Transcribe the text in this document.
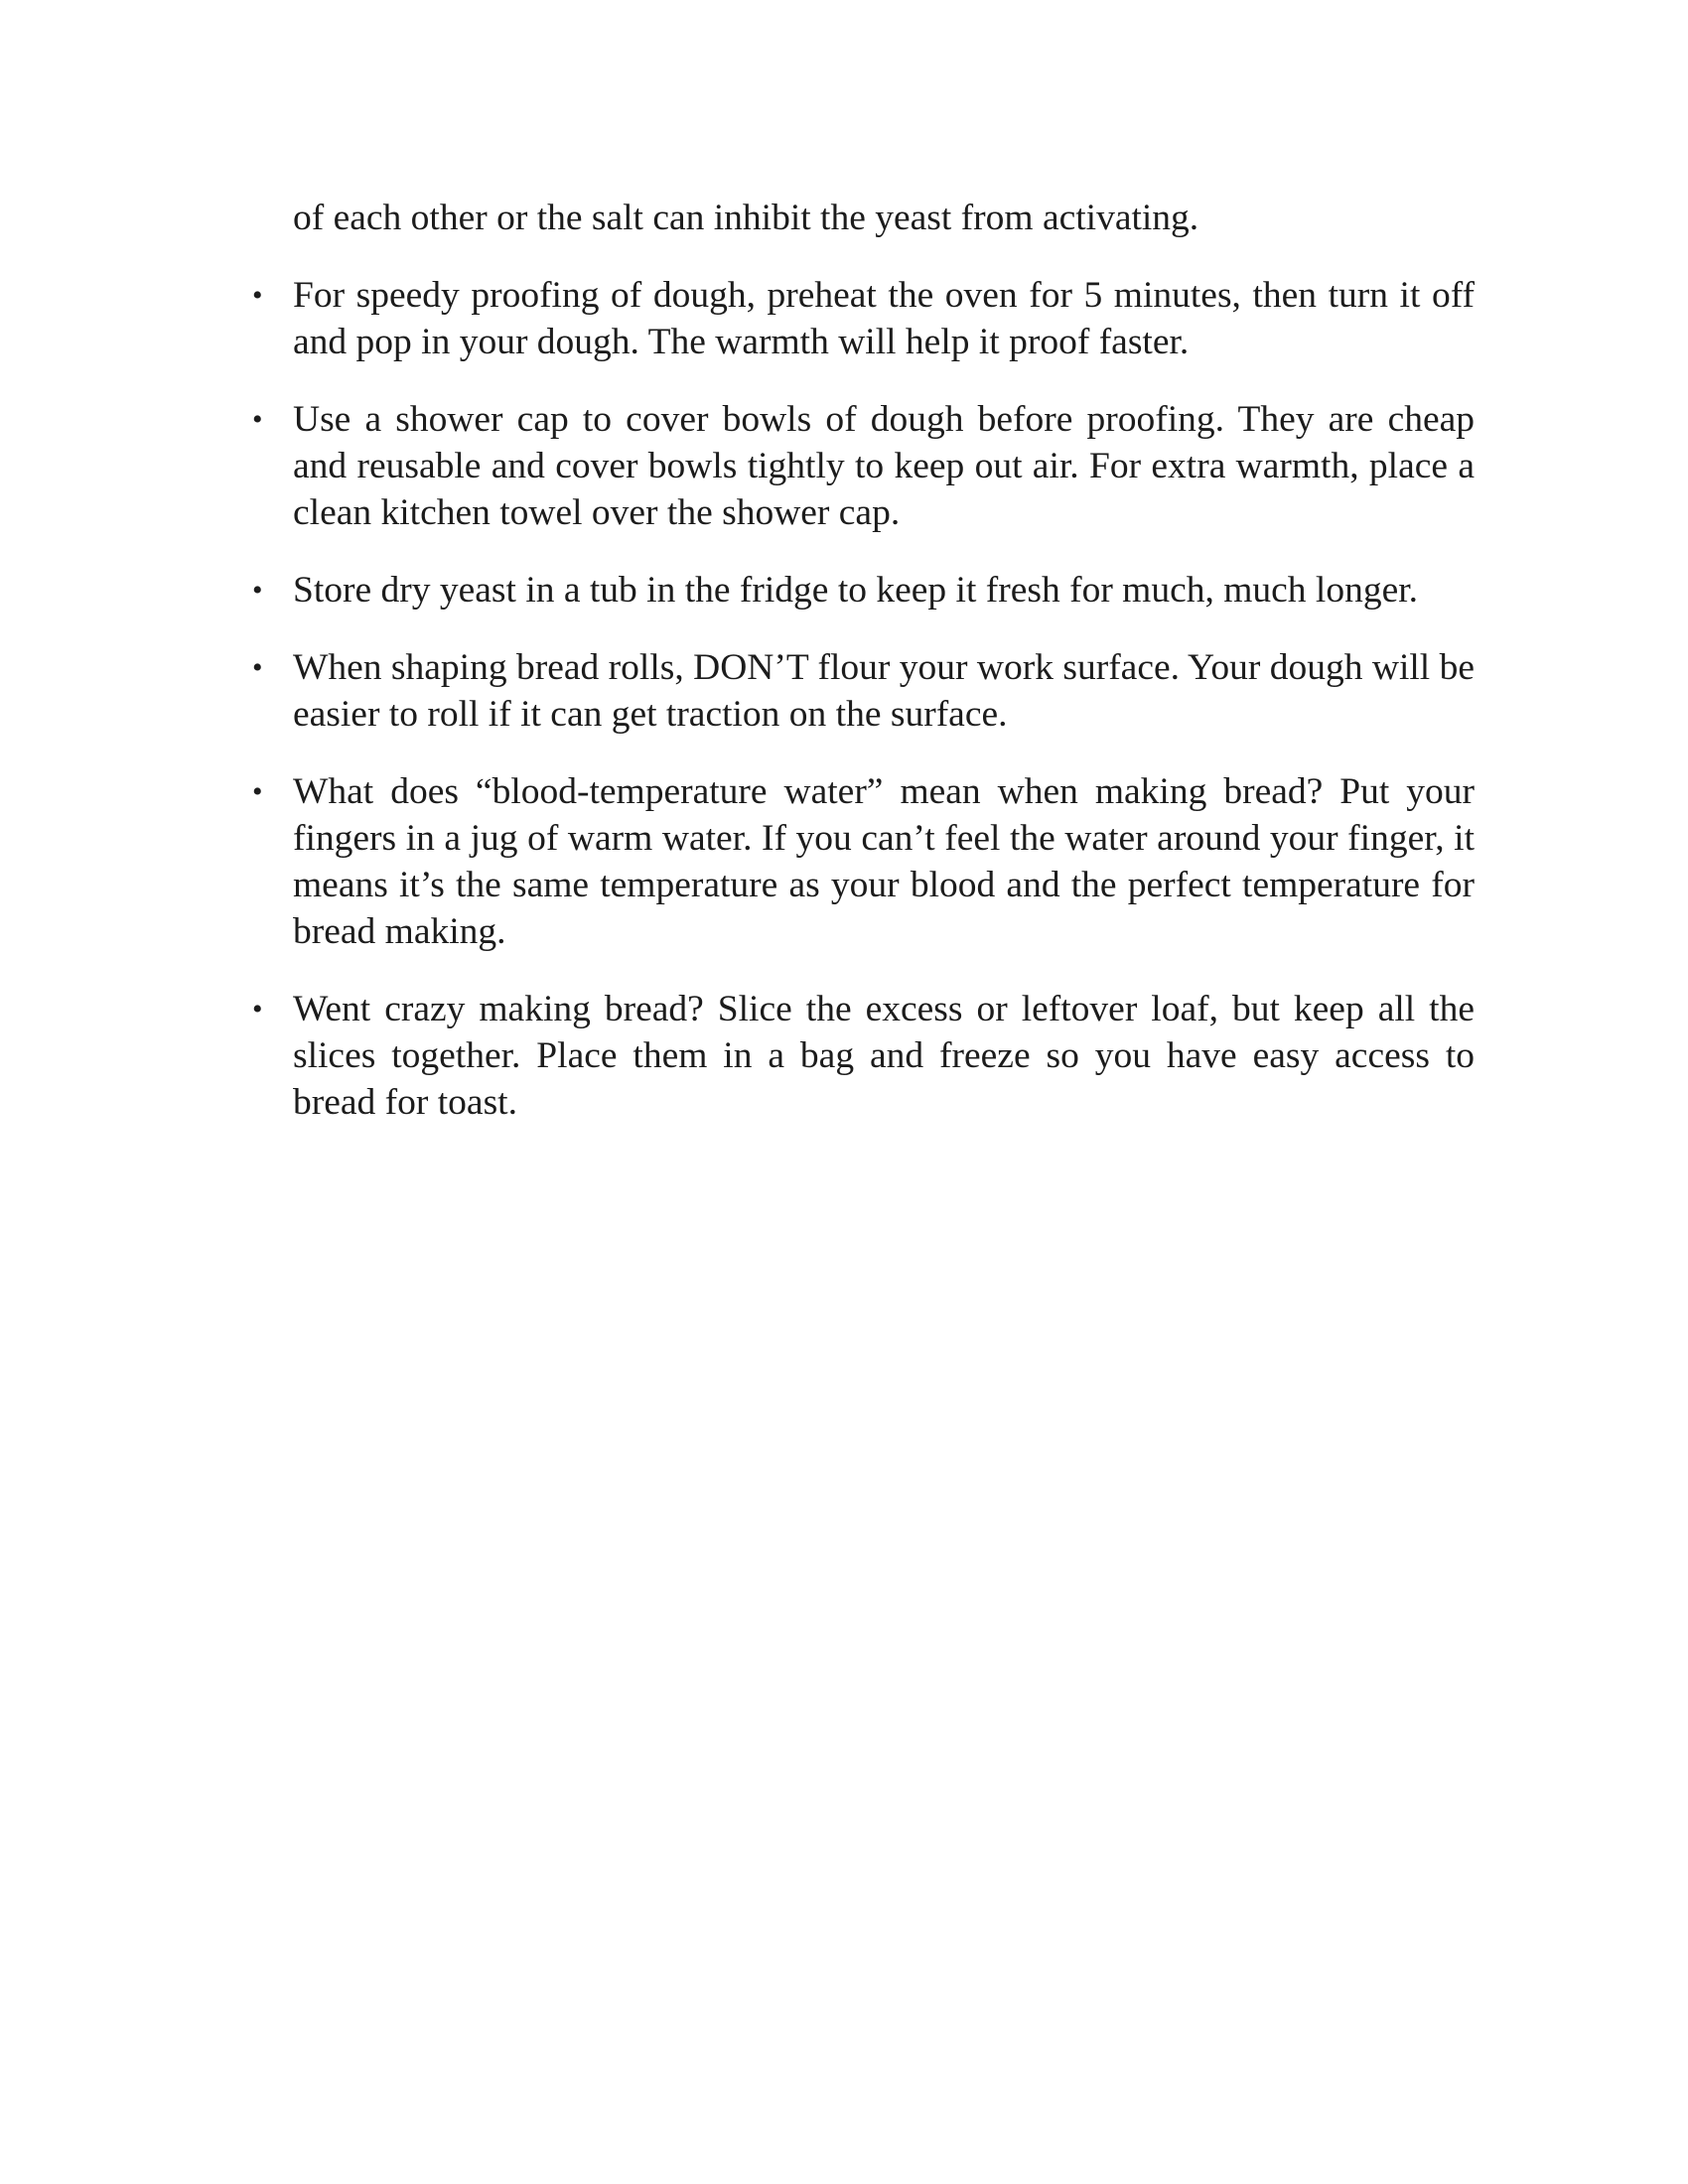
of each other or the salt can inhibit the yeast from activating.

• For speedy proofing of dough, preheat the oven for 5 minutes, then turn it off and pop in your dough. The warmth will help it proof faster.
• Use a shower cap to cover bowls of dough before proofing. They are cheap and reusable and cover bowls tightly to keep out air. For extra warmth, place a clean kitchen towel over the shower cap.
• Store dry yeast in a tub in the fridge to keep it fresh for much, much longer.
• When shaping bread rolls, DON’T flour your work surface. Your dough will be easier to roll if it can get traction on the surface.
• What does “blood-temperature water” mean when making bread? Put your fingers in a jug of warm water. If you can’t feel the water around your finger, it means it’s the same temperature as your blood and the perfect temperature for bread making.
• Went crazy making bread? Slice the excess or leftover loaf, but keep all the slices together. Place them in a bag and freeze so you have easy access to bread for toast.
